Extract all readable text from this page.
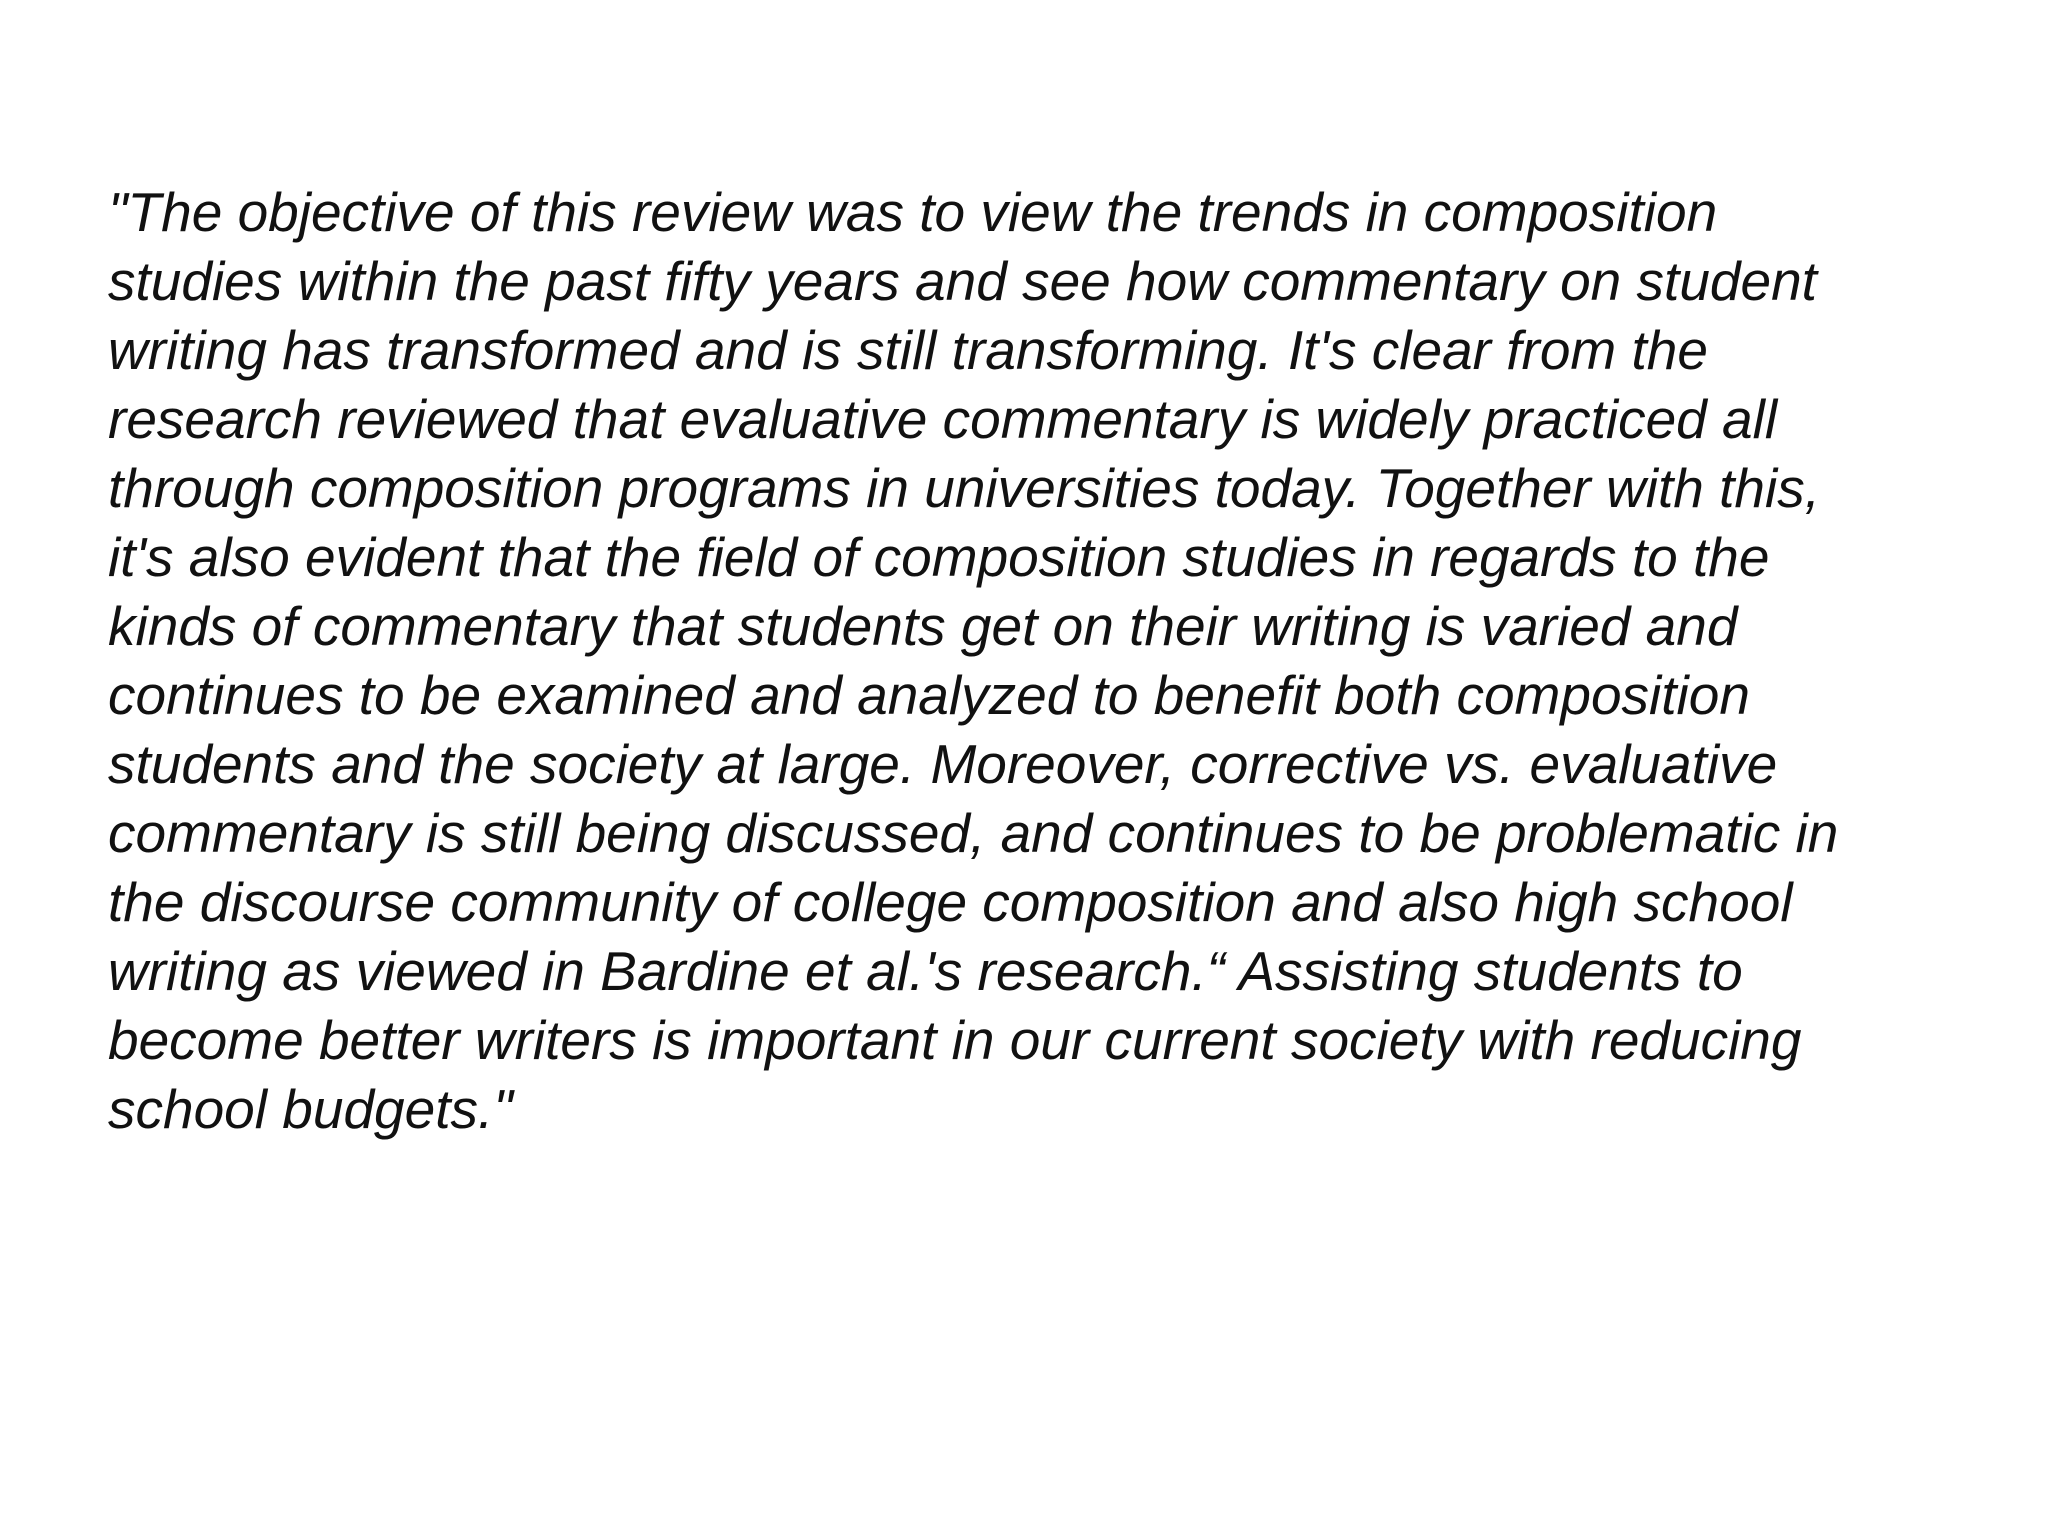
"The objective of this review was to view the trends in composition
studies within the past fifty years and see how commentary on student
writing has transformed and is still transforming. It's clear from the
research reviewed that evaluative commentary is widely practiced all
through composition programs in universities today. Together with this,
it's also evident that the field of composition studies in regards to the
kinds of commentary that students get on their writing is varied and
continues to be examined and analyzed to benefit both composition
students and the society at large. Moreover, corrective vs. evaluative
commentary is still being discussed, and continues to be problematic in
the discourse community of college composition and also high school
writing as viewed in Bardine et al.'s research.“ Assisting students to
become better writers is important in our current society with reducing
school budgets."
